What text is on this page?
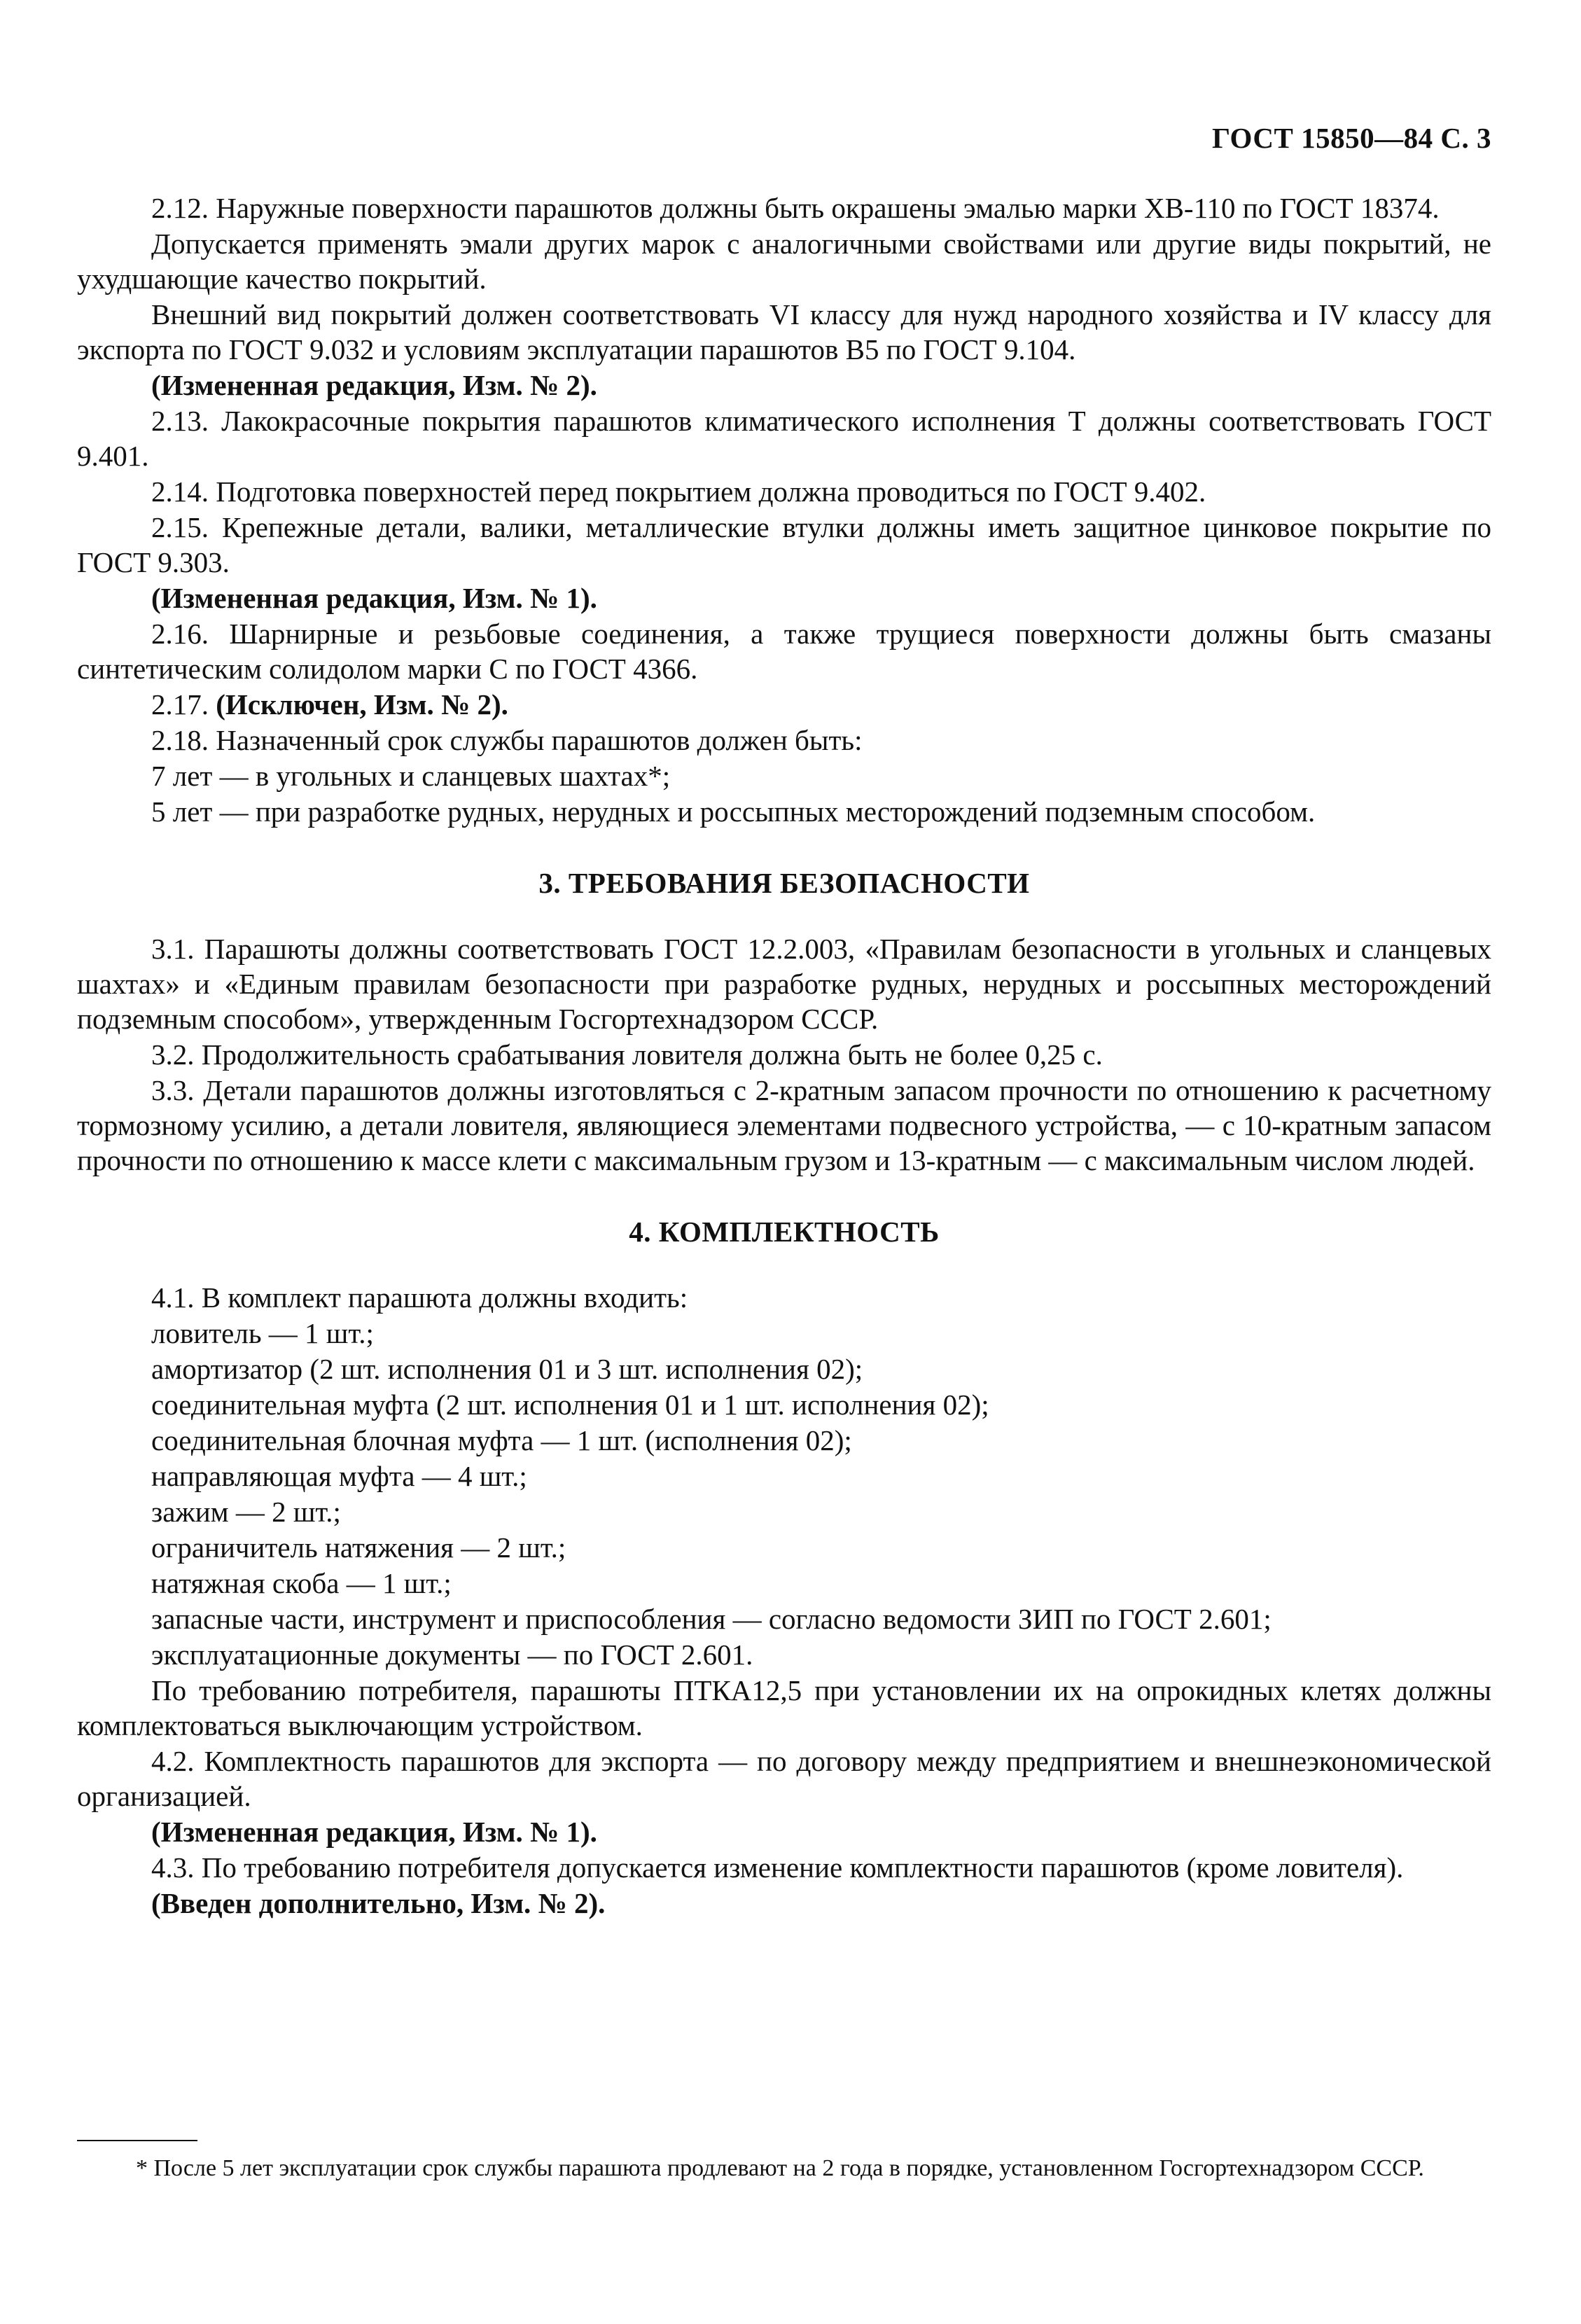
ГОСТ 15850—84 С. 3
2.12. Наружные поверхности парашютов должны быть окрашены эмалью марки ХВ-110 по ГОСТ 18374.
Допускается применять эмали других марок с аналогичными свойствами или другие виды покрытий, не ухудшающие качество покрытий.
Внешний вид покрытий должен соответствовать VI классу для нужд народного хозяйства и IV классу для экспорта по ГОСТ 9.032 и условиям эксплуатации парашютов В5 по ГОСТ 9.104.
(Измененная редакция, Изм. № 2).
2.13. Лакокрасочные покрытия парашютов климатического исполнения Т должны соответствовать ГОСТ 9.401.
2.14. Подготовка поверхностей перед покрытием должна проводиться по ГОСТ 9.402.
2.15. Крепежные детали, валики, металлические втулки должны иметь защитное цинковое покрытие по ГОСТ 9.303.
(Измененная редакция, Изм. № 1).
2.16. Шарнирные и резьбовые соединения, а также трущиеся поверхности должны быть смазаны синтетическим солидолом марки С по ГОСТ 4366.
2.17. (Исключен, Изм. № 2).
2.18. Назначенный срок службы парашютов должен быть:
7 лет — в угольных и сланцевых шахтах*;
5 лет — при разработке рудных, нерудных и россыпных месторождений подземным способом.
3. ТРЕБОВАНИЯ БЕЗОПАСНОСТИ
3.1. Парашюты должны соответствовать ГОСТ 12.2.003, «Правилам безопасности в угольных и сланцевых шахтах» и «Единым правилам безопасности при разработке рудных, нерудных и россыпных месторождений подземным способом», утвержденным Госгортехнадзором СССР.
3.2. Продолжительность срабатывания ловителя должна быть не более 0,25 с.
3.3. Детали парашютов должны изготовляться с 2-кратным запасом прочности по отношению к расчетному тормозному усилию, а детали ловителя, являющиеся элементами подвесного устройства, — с 10-кратным запасом прочности по отношению к массе клети с максимальным грузом и 13-кратным — с максимальным числом людей.
4. КОМПЛЕКТНОСТЬ
4.1. В комплект парашюта должны входить:
ловитель — 1 шт.;
амортизатор (2 шт. исполнения 01 и 3 шт. исполнения 02);
соединительная муфта (2 шт. исполнения 01 и 1 шт. исполнения 02);
соединительная блочная муфта — 1 шт. (исполнения 02);
направляющая муфта — 4 шт.;
зажим — 2 шт.;
ограничитель натяжения — 2 шт.;
натяжная скоба — 1 шт.;
запасные части, инструмент и приспособления — согласно ведомости ЗИП по ГОСТ 2.601;
эксплуатационные документы — по ГОСТ 2.601.
По требованию потребителя, парашюты ПТКА12,5 при установлении их на опрокидных клетях должны комплектоваться выключающим устройством.
4.2. Комплектность парашютов для экспорта — по договору между предприятием и внешнеэкономической организацией.
(Измененная редакция, Изм. № 1).
4.3. По требованию потребителя допускается изменение комплектности парашютов (кроме ловителя).
(Введен дополнительно, Изм. № 2).
* После 5 лет эксплуатации срок службы парашюта продлевают на 2 года в порядке, установленном Госгортехнадзором СССР.
